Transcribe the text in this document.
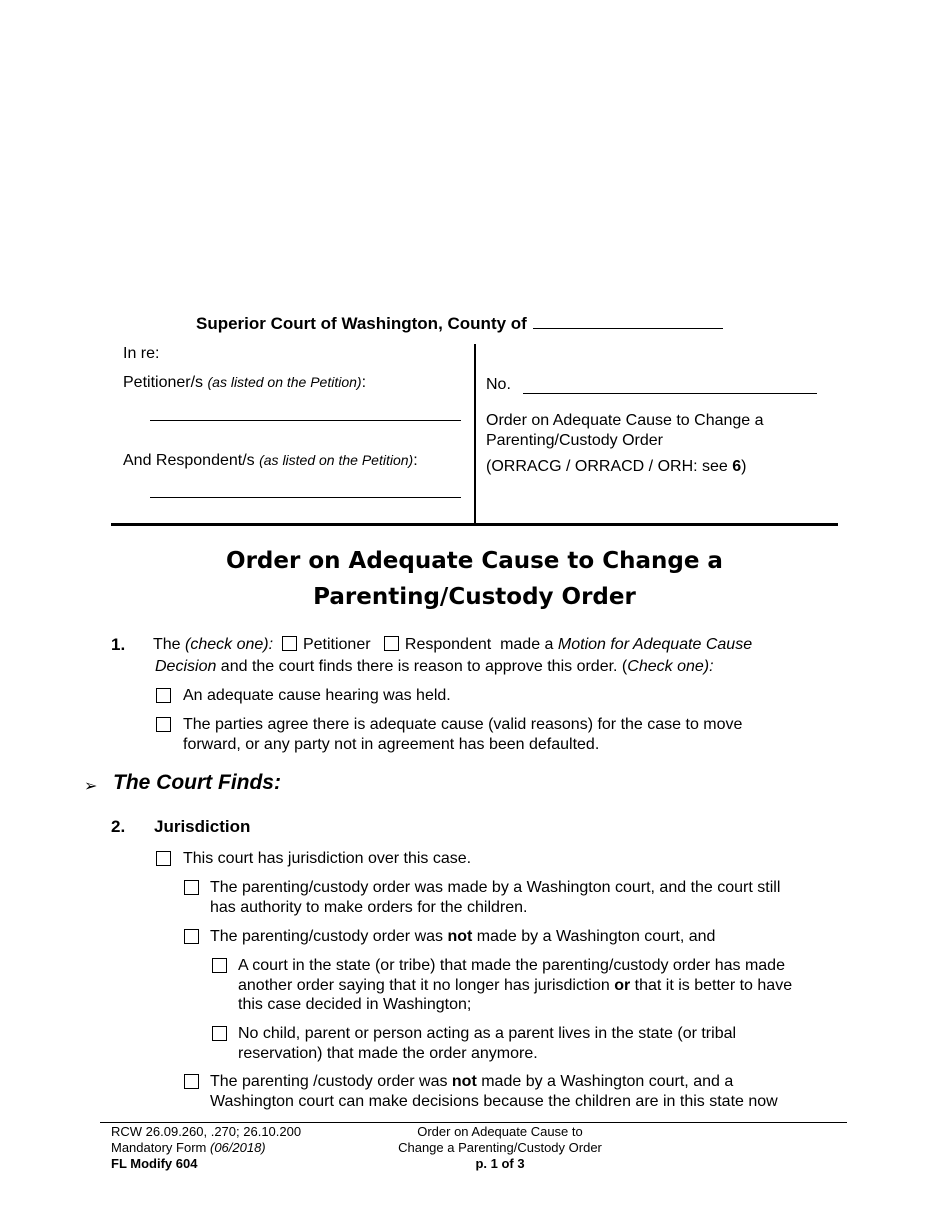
Superior Court of Washington, County of
In re:
Petitioner/s (as listed on the Petition):
And Respondent/s (as listed on the Petition):
No.
Order on Adequate Cause to Change a Parenting/Custody Order
(ORRACG / ORRACD / ORH: see 6)
Order on Adequate Cause to Change a
Parenting/Custody Order
1. The (check one): Petitioner Respondent made a Motion for Adequate Cause
Decision and the court finds there is reason to approve this order. (Check one):
An adequate cause hearing was held.
The parties agree there is adequate cause (valid reasons) for the case to move
forward, or any party not in agreement has been defaulted.
➢ The Court Finds:
2. Jurisdiction
This court has jurisdiction over this case.
The parenting/custody order was made by a Washington court, and the court still
has authority to make orders for the children.
The parenting/custody order was not made by a Washington court, and
A court in the state (or tribe) that made the parenting/custody order has made
another order saying that it no longer has jurisdiction or that it is better to have
this case decided in Washington;
No child, parent or person acting as a parent lives in the state (or tribal
reservation) that made the order anymore.
The parenting /custody order was not made by a Washington court, and a
Washington court can make decisions because the children are in this state now
RCW 26.09.260, .270; 26.10.200
Mandatory Form (06/2018)
FL Modify 604
Order on Adequate Cause to
Change a Parenting/Custody Order
p. 1 of 3
